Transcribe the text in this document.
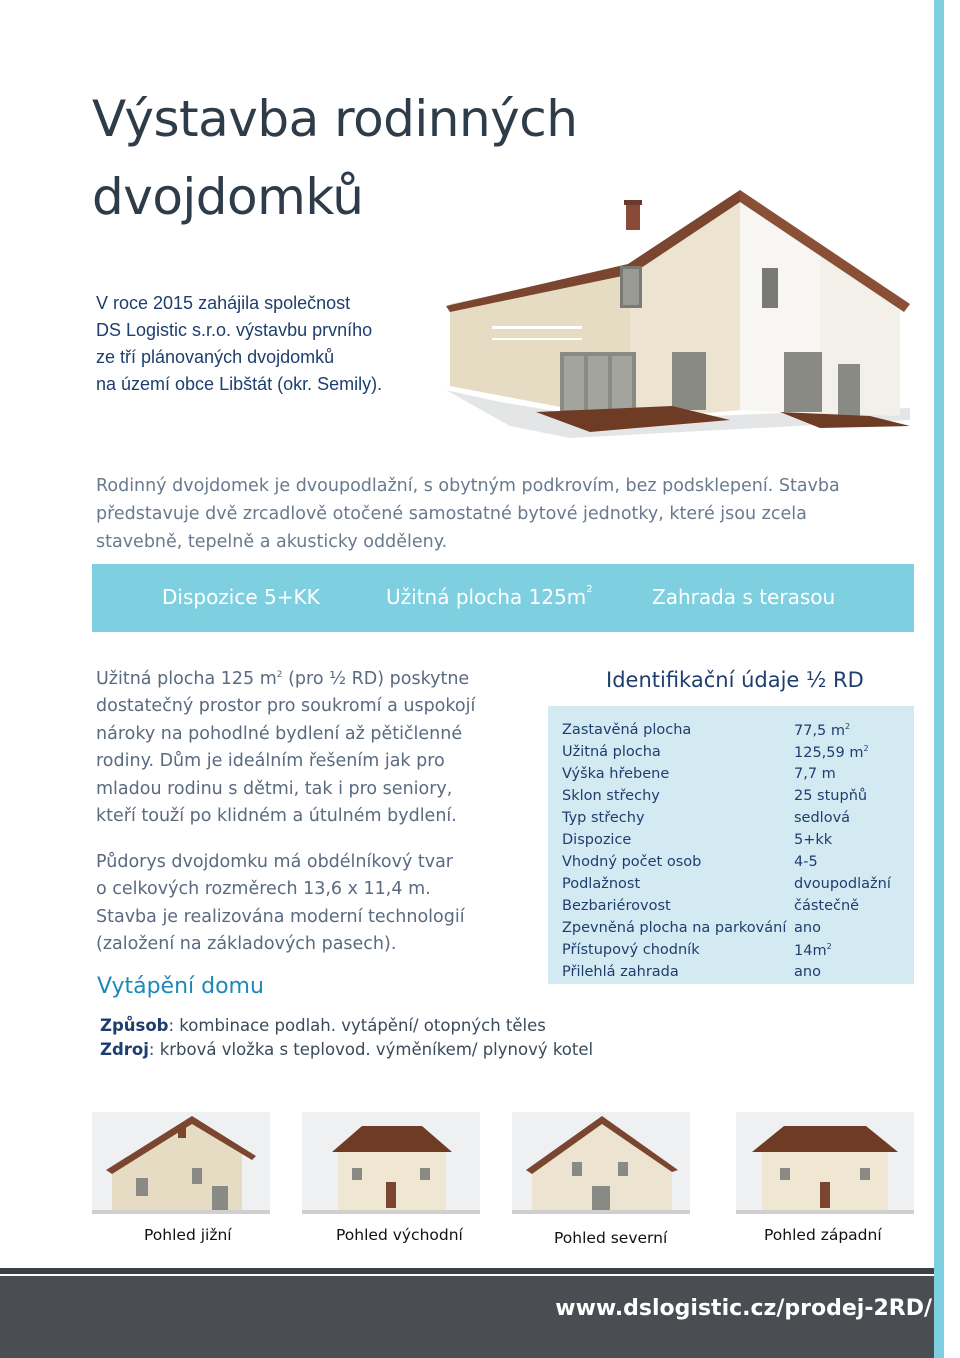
Výstavba rodinných
dvojdomků
V roce 2015 zahájila společnost
DS Logistic s.r.o. výstavbu prvního
ze tří plánovaných dvojdomků
na území obce Libštát (okr. Semily).
Rodinný dvojdomek je dvoupodlažní, s obytným podkrovím, bez podsklepení. Stavba
představuje dvě zrcadlově otočené samostatné bytové jednotky, které jsou zcela
stavebně, tepelně a akusticky odděleny.
Dispozice 5+KK	Užitná plocha $125m^2$	Zahrada s terasou
Užitná plocha 125 $m^2$ (pro ½ RD) poskytne
dostatečný prostor pro soukromí a uspokojí
nároky na pohodlné bydlení až pětičlenné
rodiny. Dům je ideálním řešením jak pro
mladou rodinu s dětmi, tak i pro seniory,
kteří touží po klidném a útulném bydlení.
Půdorys dvojdomku má obdélníkový tvar
o celkových rozměrech 13,6 x 11,4 m.
Stavba je realizována moderní technologií
(založení na základových pasech).
Vytápění domu
Způsob: kombinace podlah. vytápění/ otopných těles
Zdroj: krbová vložka s teplovod. výměníkem/ plynový kotel
Identifikační údaje ½ RD
Zastavěná plocha	77,5 $m^2$
Užitná plocha	125,59 $m^2$
Výška hřebene	7,7 m
Sklon střechy	25 stupňů
Typ střechy	sedlová
Dispozice	5+kk
Vhodný počet osob	4-5
Podlažnost	dvoupodlažní
Bezbariérovost	částečně
Zpevněná plocha na parkování ano
Přístupový chodník	$14m^2$
Přilehlá zahrada	ano
Pohled jižní	Pohled východní	Pohled severní	Pohled západní
www.dslogistic.cz/prodej-2RD/
